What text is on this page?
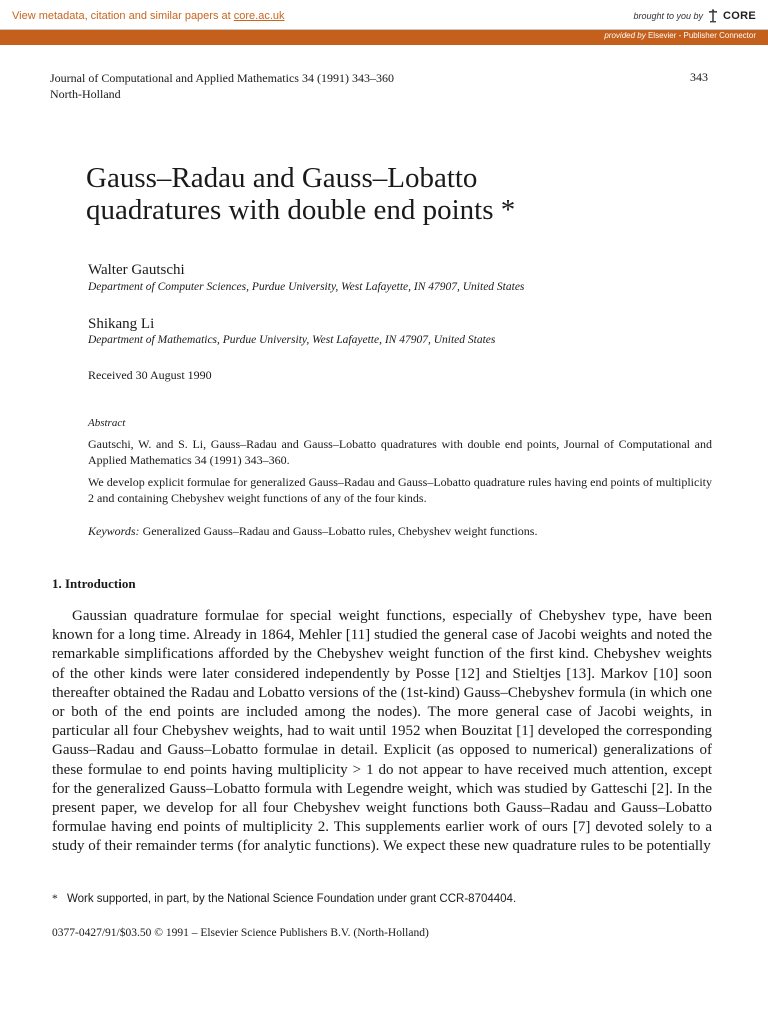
View metadata, citation and similar papers at core.ac.uk	brought to you by CORE
provided by Elsevier - Publisher Connector
Journal of Computational and Applied Mathematics 34 (1991) 343–360
North-Holland
343
Gauss–Radau and Gauss–Lobatto
quadratures with double end points *
Walter Gautschi
Department of Computer Sciences, Purdue University, West Lafayette, IN 47907, United States
Shikang Li
Department of Mathematics, Purdue University, West Lafayette, IN 47907, United States
Received 30 August 1990
Abstract

Gautschi, W. and S. Li, Gauss–Radau and Gauss–Lobatto quadratures with double end points, Journal of Computational and Applied Mathematics 34 (1991) 343–360.

We develop explicit formulae for generalized Gauss–Radau and Gauss–Lobatto quadrature rules having end points of multiplicity 2 and containing Chebyshev weight functions of any of the four kinds.

Keywords: Generalized Gauss–Radau and Gauss–Lobatto rules, Chebyshev weight functions.
1. Introduction

Gaussian quadrature formulae for special weight functions, especially of Chebyshev type, have been known for a long time. Already in 1864, Mehler [11] studied the general case of Jacobi weights and noted the remarkable simplifications afforded by the Chebyshev weight function of the first kind. Chebyshev weights of the other kinds were later considered independently by Posse [12] and Stieltjes [13]. Markov [10] soon thereafter obtained the Radau and Lobatto versions of the (1st-kind) Gauss–Chebyshev formula (in which one or both of the end points are included among the nodes). The more general case of Jacobi weights, in particular all four Chebyshev weights, had to wait until 1952 when Bouzitat [1] developed the corresponding Gauss–Radau and Gauss–Lobatto formulae in detail. Explicit (as opposed to numerical) generalizations of these formulae to end points having multiplicity > 1 do not appear to have received much attention, except for the generalized Gauss–Lobatto formula with Legendre weight, which was studied by Gatteschi [2]. In the present paper, we develop for all four Chebyshev weight functions both Gauss–Radau and Gauss–Lobatto formulae having end points of multiplicity 2. This supplements earlier work of ours [7] devoted solely to a study of their remainder terms (for analytic functions). We expect these new quadrature rules to be potentially

* Work supported, in part, by the National Science Foundation under grant CCR-8704404.
0377-0427/91/$03.50 © 1991 – Elsevier Science Publishers B.V. (North-Holland)
